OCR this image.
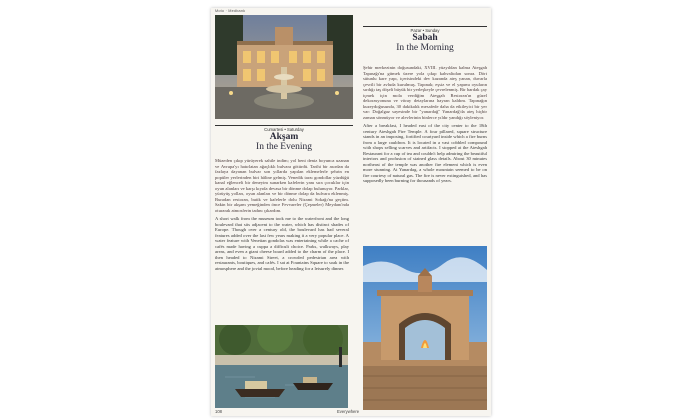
Moto · Medbank
Cumartesi • Saturday
Akşam
In the Evening

Müzeden çıkıp yürüyerek sahile indim; yol beni deniz boyunca uzanan ve Avrupa'yı hatırlatan ağaçlıklı bulvara götürdü. Tarihi bir asırdan da fazlaya dayanan bulvar son yıllarda yapılan eklemelerle şehrin en popüler yerlerinden biri hâline gelmiş. Venedik tarzı gondollar yüzdüğü kanal eğlenceli bir deneyim sunarken kafelerin yanı sıra çocuklar için oyun alanları ve karşı kıyıda devasa bir dönme dolap bulunuyor. Parklar, yürüyüş yolları, oyun alanları ve bir dönme dolap da bulvara eklenmiş. Buradan restoran, butik ve kafelerle dolu Nizami Sokağı'na geçtim. Sakin bir akşam yemeğinden önce Fevvareler (Çeşmeler) Meydanı'nda oturarak atmosferin tadını çıkardım.

A short walk from the museum took me to the waterfront and the long boulevard that sits adjacent to the water, which has distinct shades of Europe. Though over a century old, the boulevard has had several features added over the last few years making it a very popular place. A water feature with Venetian gondolas was entertaining while a cache of cafés made having a cuppa a difficult choice. Parks, walkways, play areas, and even a giant cheese board added to the charm of the place. I then headed to Nizami Street, a crowded pedestrian area with restaurants, boutiques, and cafés. I sat at Fountains Square to soak in the atmosphere and the jovial mood, before heading for a leisurely dinner.

Pazar • Sunday
Sabah
In the Morning

Şehir merkezinin doğusundaki, XVIII. yüzyıldan kalma Ateşgah Tapınağı'na gitmek üzere yola çıkıp kahvaltıdan sonra. Dört sütunlu kare yapı, içerisindeki dev kazanda ateş yanan, duvarla çevrili bir avluda kurulmuş. Tapınak; eşsiz ve el yapımı oyuların sırdığı taş döşeli büyük bir yerleşkeyle çevrelenmiş. Bir bardak çay içmek için mola verdiğim Ateşgah Restoran'ın güzel dekorasyonuna ve vitray detaylarına hayran kaldım. Tapınağın kuzeydoğusunda, 30 dakikalık mesafede daha da etkileyici bir yer var: Doğalgaz sayesinde bir "yanardağ" Yanardağ'da ateş hiçbir zaman sönmüyor ve alevlerinin binlerce yıldır yandığı söyleniyor.

After a breakfast, I headed east of the city center to the 18th century Ateshgah Fire Temple. A four pillared, square structure stands in an imposing, fortified courtyard inside which a fire burns from a large cauldron. It is located in a vast cobbled compound with shops selling scarves and artifacts. I stopped at the Ateshgah Restaurant for a cup of tea and couldn't help admiring the beautiful interiors and profusion of stained glass details. About 30 minutes northeast of the temple was another fire element which is even more stunning. At Yanardag, a whole mountain seemed to be on fire courtesy of natural gas. The fire is never extinguished, and has supposedly been burning for thousands of years.

108	Everywhere
